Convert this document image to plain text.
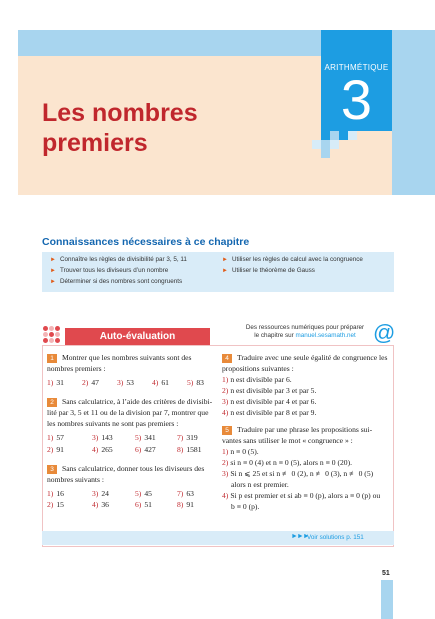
ARITHMÉTIQUE
3
Les nombres
premiers
Connaissances nécessaires à ce chapitre
► Connaître les règles de divisibilité par 3, 5, 11
► Trouver tous les diviseurs d’un nombre
► Déterminer si des nombres sont congruents
► Utiliser les règles de calcul avec la congruence
► Utiliser le théorème de Gauss
Auto-évaluation
Des ressources numériques pour préparer
le chapitre sur manuel.sesamath.net @
1 Montrer que les nombres suivants sont des
nombres premiers :
1) 31 2) 47 3) 53 4) 61 5) 83
2 Sans calculatrice, à l’aide des critères de divisibi-
lité par 3, 5 et 11 ou de la division par 7, montrer que
les nombres suivants ne sont pas premiers :
1) 57	3) 143	5) 341	7) 319
2) 91	4) 265	6) 427	8) 1581
3 Sans calculatrice, donner tous les diviseurs des
nombres suivants :
1) 16	3) 24	5) 45	7) 63
2) 15	4) 36	6) 51	8) 91
4 Traduire avec une seule égalité de congruence les
propositions suivantes :
1) n est divisible par 6.
2) n est divisible par 3 et par 5.
3) n est divisible par 4 et par 6.
4) n est divisible par 8 et par 9.
5 Traduire par une phrase les propositions sui-
vantes sans utiliser le mot « congruence » :
1) n ≡ 0 (5).
2) si n ≡ 0 (4) et n ≡ 0 (5), alors n ≡ 0 (20).
3) Si n ⩽ 25 et si n ≢ 0 (2), n ≢ 0 (3), n ≢ 0 (5)
alors n est premier.
4) Si p est premier et si ab ≡ 0 (p), alors a ≡ 0 (p) ou
b ≡ 0 (p).
►►►
Voir solutions p. 151
51
